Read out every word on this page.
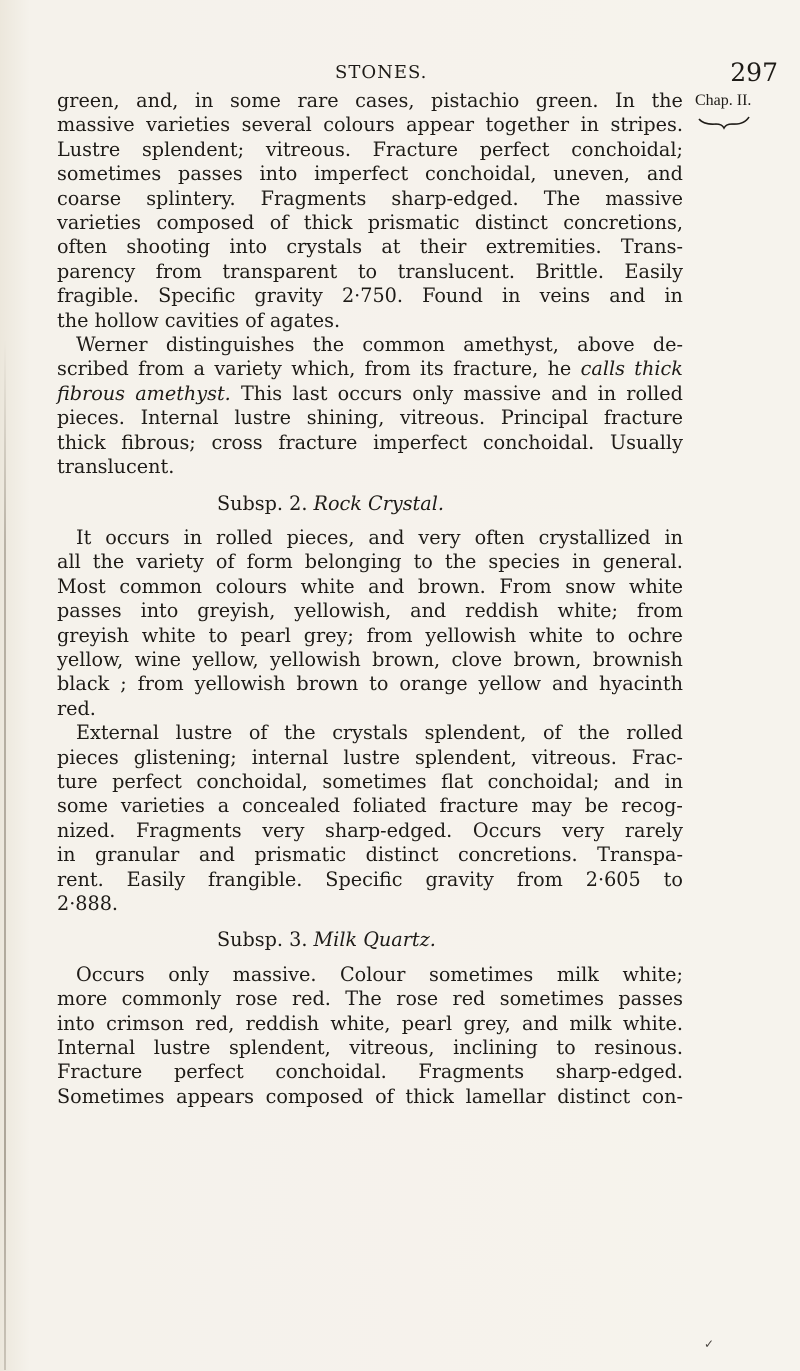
STONES.	297
Chap. II.
green, and, in some rare cases, pistachio green. In the
massive varieties several colours appear together in stripes.
Lustre splendent; vitreous. Fracture perfect conchoidal;
sometimes passes into imperfect conchoidal, uneven, and
coarse splintery. Fragments sharp-edged. The massive
varieties composed of thick prismatic distinct concretions,
often shooting into crystals at their extremities. Trans-
parency from transparent to translucent. Brittle. Easily
fragible. Specific gravity 2·750. Found in veins and in
the hollow cavities of agates.
Werner distinguishes the common amethyst, above de-
scribed from a variety which, from its fracture, he calls thick
fibrous amethyst. This last occurs only massive and in rolled
pieces. Internal lustre shining, vitreous. Principal fracture
thick fibrous; cross fracture imperfect conchoidal. Usually
translucent.
Subsp. 2. Rock Crystal.
It occurs in rolled pieces, and very often crystallized in
all the variety of form belonging to the species in general.
Most common colours white and brown. From snow white
passes into greyish, yellowish, and reddish white; from
greyish white to pearl grey; from yellowish white to ochre
yellow, wine yellow, yellowish brown, clove brown, brownish
black ; from yellowish brown to orange yellow and hyacinth
red.
External lustre of the crystals splendent, of the rolled
pieces glistening; internal lustre splendent, vitreous. Frac-
ture perfect conchoidal, sometimes flat conchoidal; and in
some varieties a concealed foliated fracture may be recog-
nized. Fragments very sharp-edged. Occurs very rarely
in granular and prismatic distinct concretions. Transpa-
rent. Easily frangible. Specific gravity from 2·605 to
2·888.
Subsp. 3. Milk Quartz.
Occurs only massive. Colour sometimes milk white;
more commonly rose red. The rose red sometimes passes
into crimson red, reddish white, pearl grey, and milk white.
Internal lustre splendent, vitreous, inclining to resinous.
Fracture perfect conchoidal. Fragments sharp-edged.
Sometimes appears composed of thick lamellar distinct con-
✓
